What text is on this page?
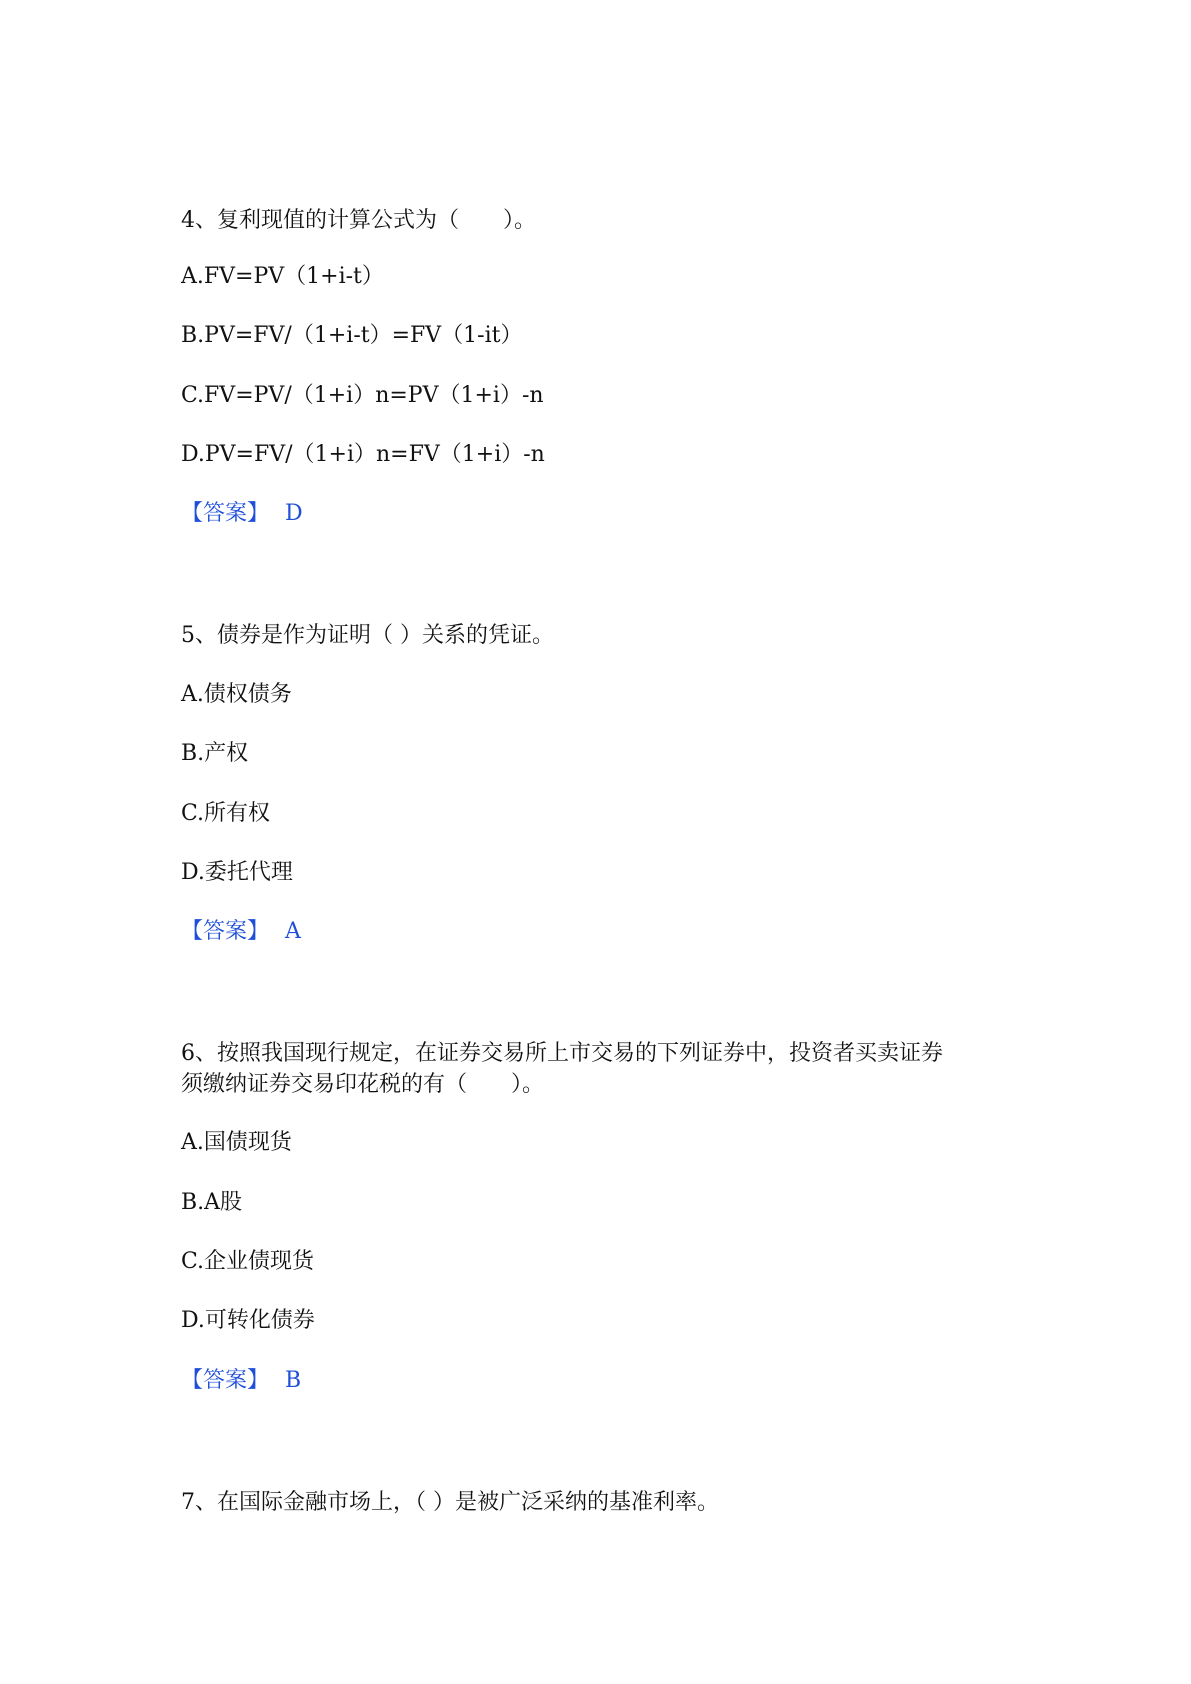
4、复利现值的计算公式为（　　）。
A.FV=PV（1+i-t）
B.PV=FV/（1+i-t）=FV（1-it）
C.FV=PV/（1+i）n=PV（1+i）-n
D.PV=FV/（1+i）n=FV（1+i）-n
【答案】 D
5、债券是作为证明（ ）关系的凭证。
A.债权债务
B.产权
C.所有权
D.委托代理
【答案】 A
6、按照我国现行规定，在证券交易所上市交易的下列证券中，投资者买卖证券
须缴纳证券交易印花税的有（　　）。
A.国债现货
B.A股
C.企业债现货
D.可转化债券
【答案】 B
7、在国际金融市场上，（ ）是被广泛采纳的基准利率。
